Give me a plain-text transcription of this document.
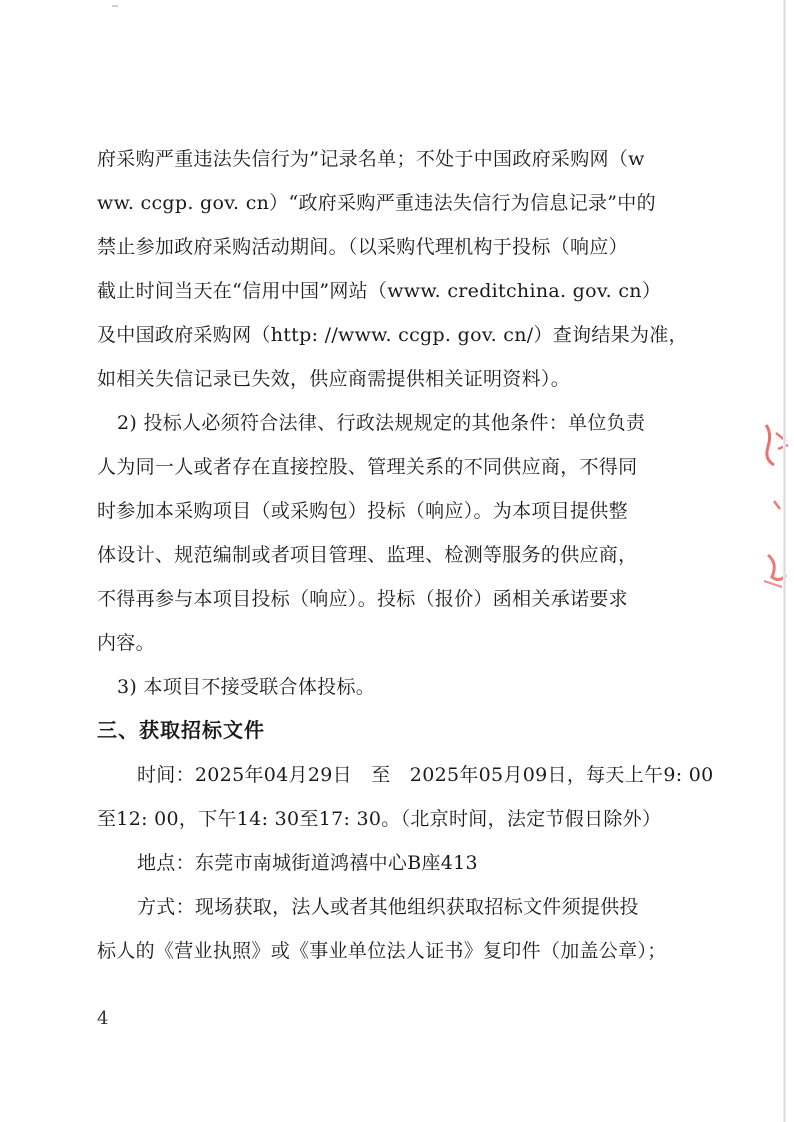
府采购严重违法失信行为”记录名单；不处于中国政府采购网（w
ww. ccgp. gov. cn）“政府采购严重违法失信行为信息记录”中的
禁止参加政府采购活动期间。（以采购代理机构于投标（响应）
截止时间当天在“信用中国”网站（www. creditchina. gov. cn）
及中国政府采购网（http: //www. ccgp. gov. cn/）查询结果为准，
如相关失信记录已失效，供应商需提供相关证明资料）。
2) 投标人必须符合法律、行政法规规定的其他条件：单位负责
人为同一人或者存在直接控股、管理关系的不同供应商，不得同
时参加本采购项目（或采购包）投标（响应）。为本项目提供整
体设计、规范编制或者项目管理、监理、检测等服务的供应商，
不得再参与本项目投标（响应）。投标（报价）函相关承诺要求
内容。
3) 本项目不接受联合体投标。
三、获取招标文件
时间：2025年04月29日　至　2025年05月09日，每天上午9: 00
至12: 00，下午14: 30至17: 30。（北京时间，法定节假日除外）
地点：东莞市南城街道鸿禧中心B座413
方式：现场获取，法人或者其他组织获取招标文件须提供投
标人的《营业执照》或《事业单位法人证书》复印件（加盖公章）；
4
